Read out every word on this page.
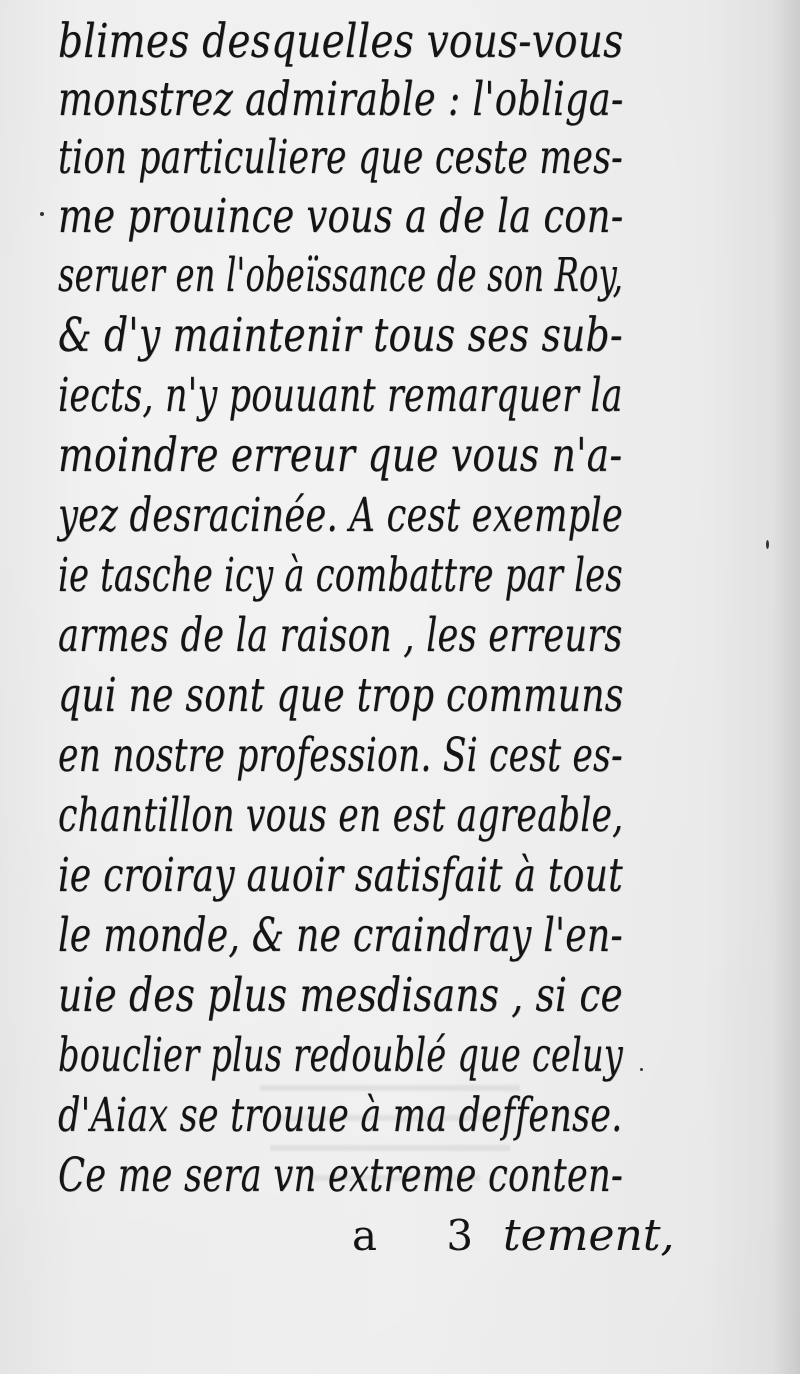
blimes desquelles vous-vous
monstrez admirable : l'obliga-
tion particuliere que ceste mes-
me prouince vous a de la con-
seruer en l'obeïssance de son Roy,
& d'y maintenir tous ses sub-
iects, n'y pouuant remarquer la
moindre erreur que vous n'a-
yez desracinée. A cest exemple
ie tasche icy à combattre par les
armes de la raison , les erreurs
qui ne sont que trop communs
en nostre profession. Si cest es-
chantillon vous en est agreable,
ie croiray auoir satisfait à tout
le monde, & ne craindray l'en-
uie des plus mesdisans , si ce
bouclier plus redoublé que celuy
d'Aiax se trouue à ma deffense.
Ce me sera vn extreme conten-
a 3 tement,
